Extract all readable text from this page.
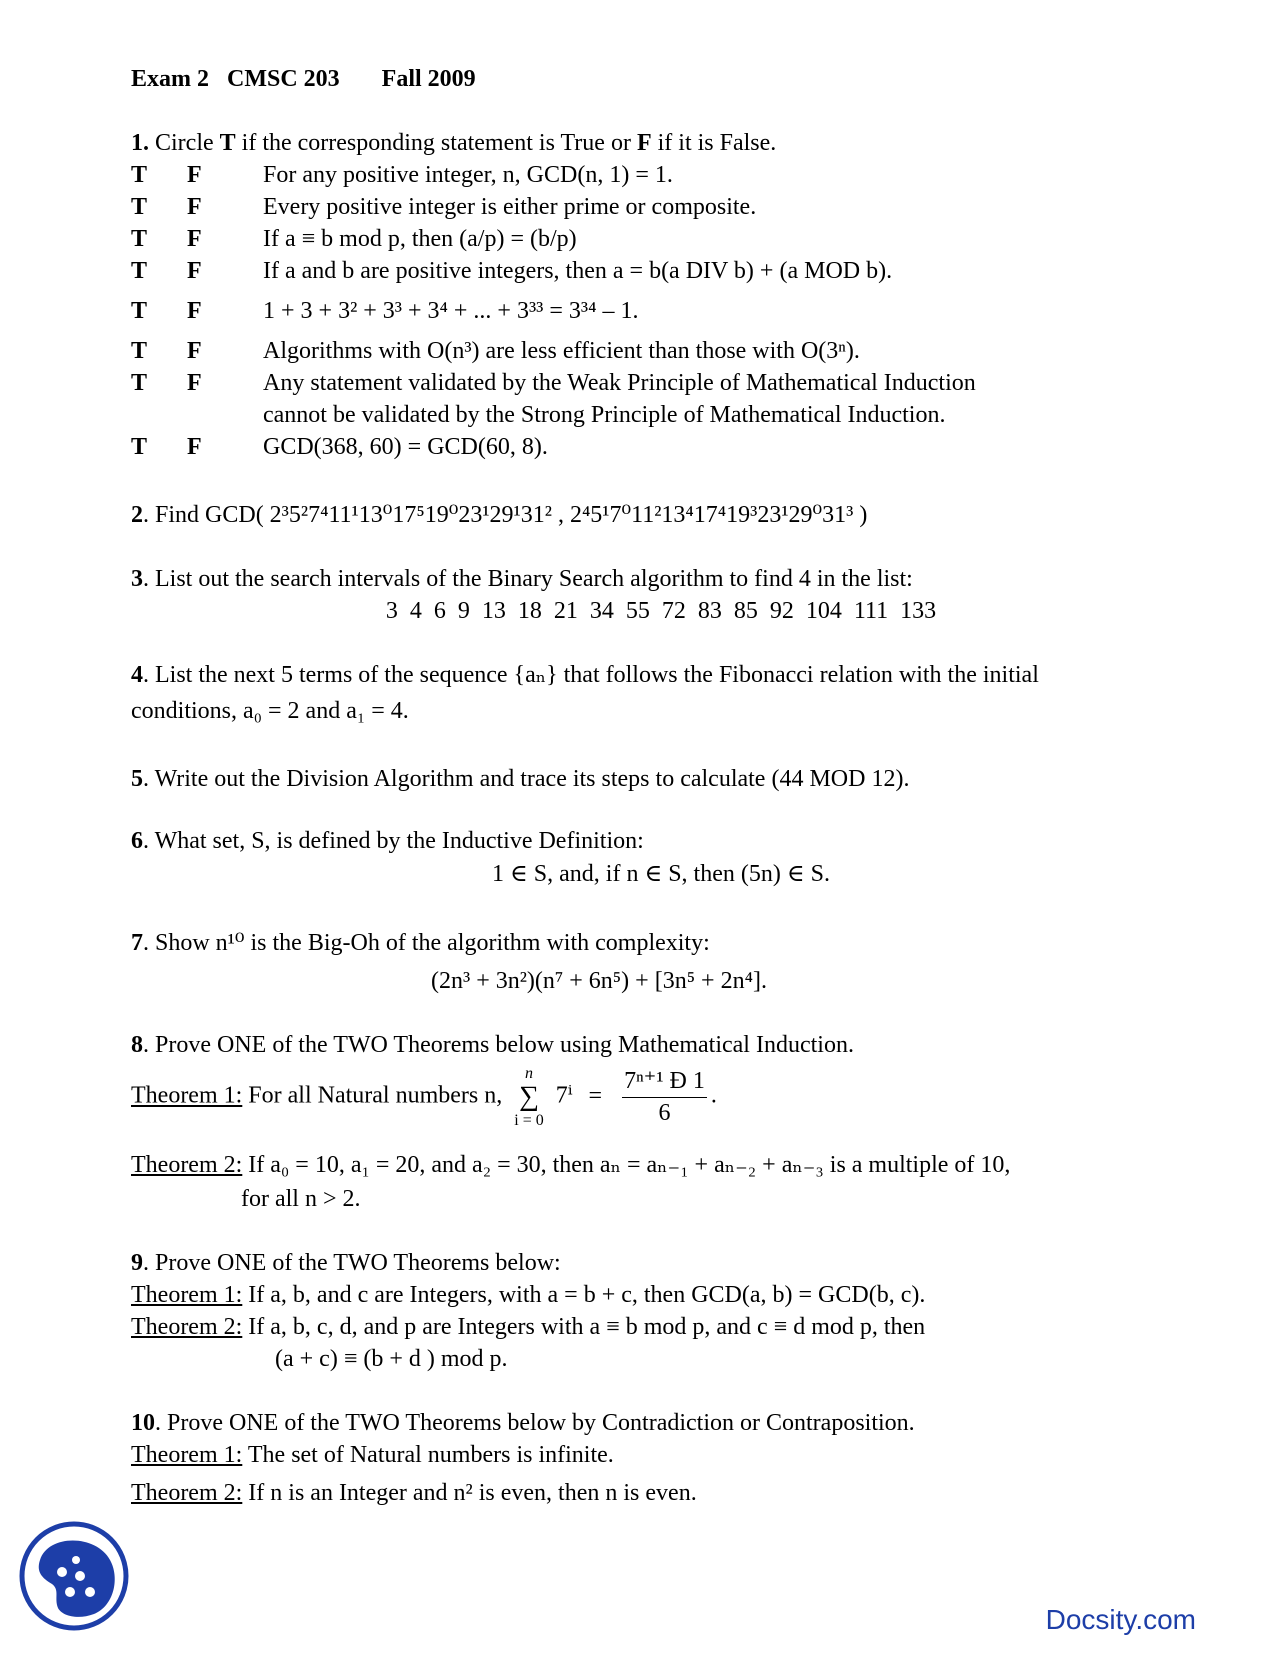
Exam 2 CMSC 203 Fall 2009
1. Circle T if the corresponding statement is True or F if it is False.
T F	For any positive integer, n, GCD(n, 1) = 1.
T F	Every positive integer is either prime or composite.
T F	If a ≡ b mod p, then (a/p) = (b/p)
T F	If a and b are positive integers, then a = b(a DIV b) + (a MOD b).
T F	1 + 3 + 3² + 3³ + 3⁴ + ... + 3³³ = 3³⁴ – 1.
T F	Algorithms with O(n³) are less efficient than those with O(3ⁿ).
T F	Any statement validated by the Weak Principle of Mathematical Induction
cannot be validated by the Strong Principle of Mathematical Induction.
T F	GCD(368, 60) = GCD(60, 8).
2. Find GCD( 2³5²7⁴11¹13⁰17⁵19⁰23¹29¹31² , 2⁴5¹7⁰11²13⁴17⁴19³23¹29⁰31³ )
3. List out the search intervals of the Binary Search algorithm to find 4 in the list:
3  4  6  9  13  18  21  34  55  72  83  85  92  104  111  133
4. List the next 5 terms of the sequence {aₙ} that follows the Fibonacci relation with the initial
conditions, a₀ = 2 and a₁ = 4.
5. Write out the Division Algorithm and trace its steps to calculate (44 MOD 12).
6. What set, S, is defined by the Inductive Definition:
1 ∈ S, and, if n ∈ S, then (5n) ∈ S.
7. Show n¹⁰ is the Big-Oh of the algorithm with complexity:
(2n³ + 3n²)(n⁷ + 6n⁵) + [3n⁵ + 2n⁴].
8. Prove ONE of the TWO Theorems below using Mathematical Induction.
Theorem 1: For all Natural numbers n,
n
∑
i = 0
$7^i = \frac{\text{7ⁿ⁺¹ Ð 1}}{6}$ .
Theorem 2: If a₀ = 10, a₁ = 20, and a₂ = 30, then aₙ = aₙ₋₁ + aₙ₋₂ + aₙ₋₃ is a multiple of 10,
for all n > 2.
9. Prove ONE of the TWO Theorems below:
Theorem 1: If a, b, and c are Integers, with a = b + c, then GCD(a, b) = GCD(b, c).
Theorem 2: If a, b, c, d, and p are Integers with a ≡ b mod p, and c ≡ d mod p, then
(a + c) ≡ (b + d ) mod p.
10. Prove ONE of the TWO Theorems below by Contradiction or Contraposition.
Theorem 1: The set of Natural numbers is infinite.
Theorem 2: If n is an Integer and n² is even, then n is even.
Docsity.com
